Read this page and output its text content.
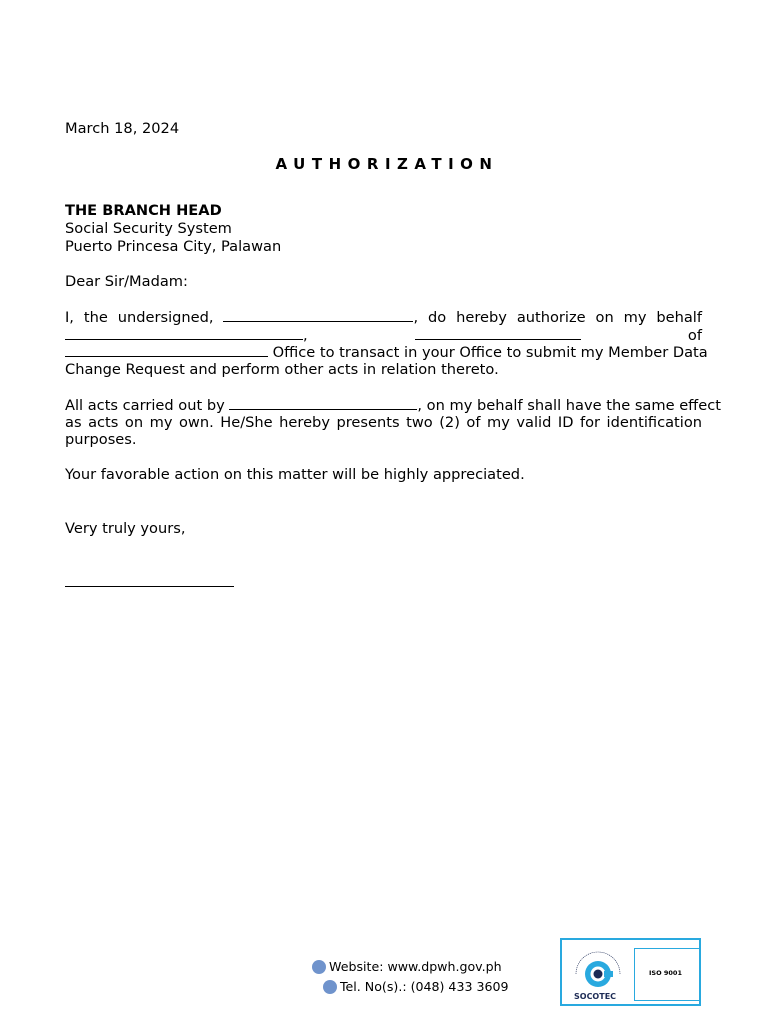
March 18, 2024
AUTHORIZATION
THE BRANCH HEAD
Social Security System
Puerto Princesa City, Palawan
Dear Sir/Madam:
I, the undersigned,	, do hereby authorize on my behalf
,	of
Office to transact in your Office to submit my Member Data
Change Request and perform other acts in relation thereto.
All acts carried out by	, on my behalf shall have the same effect
as acts on my own. He/She hereby presents two (2) of my valid ID for identification
purposes.
Your favorable action on this matter will be highly appreciated.
Very truly yours,
Website: www.dpwh.gov.ph
Tel. No(s).: (048) 433 3609
ISO 9001
SOCOTEC
